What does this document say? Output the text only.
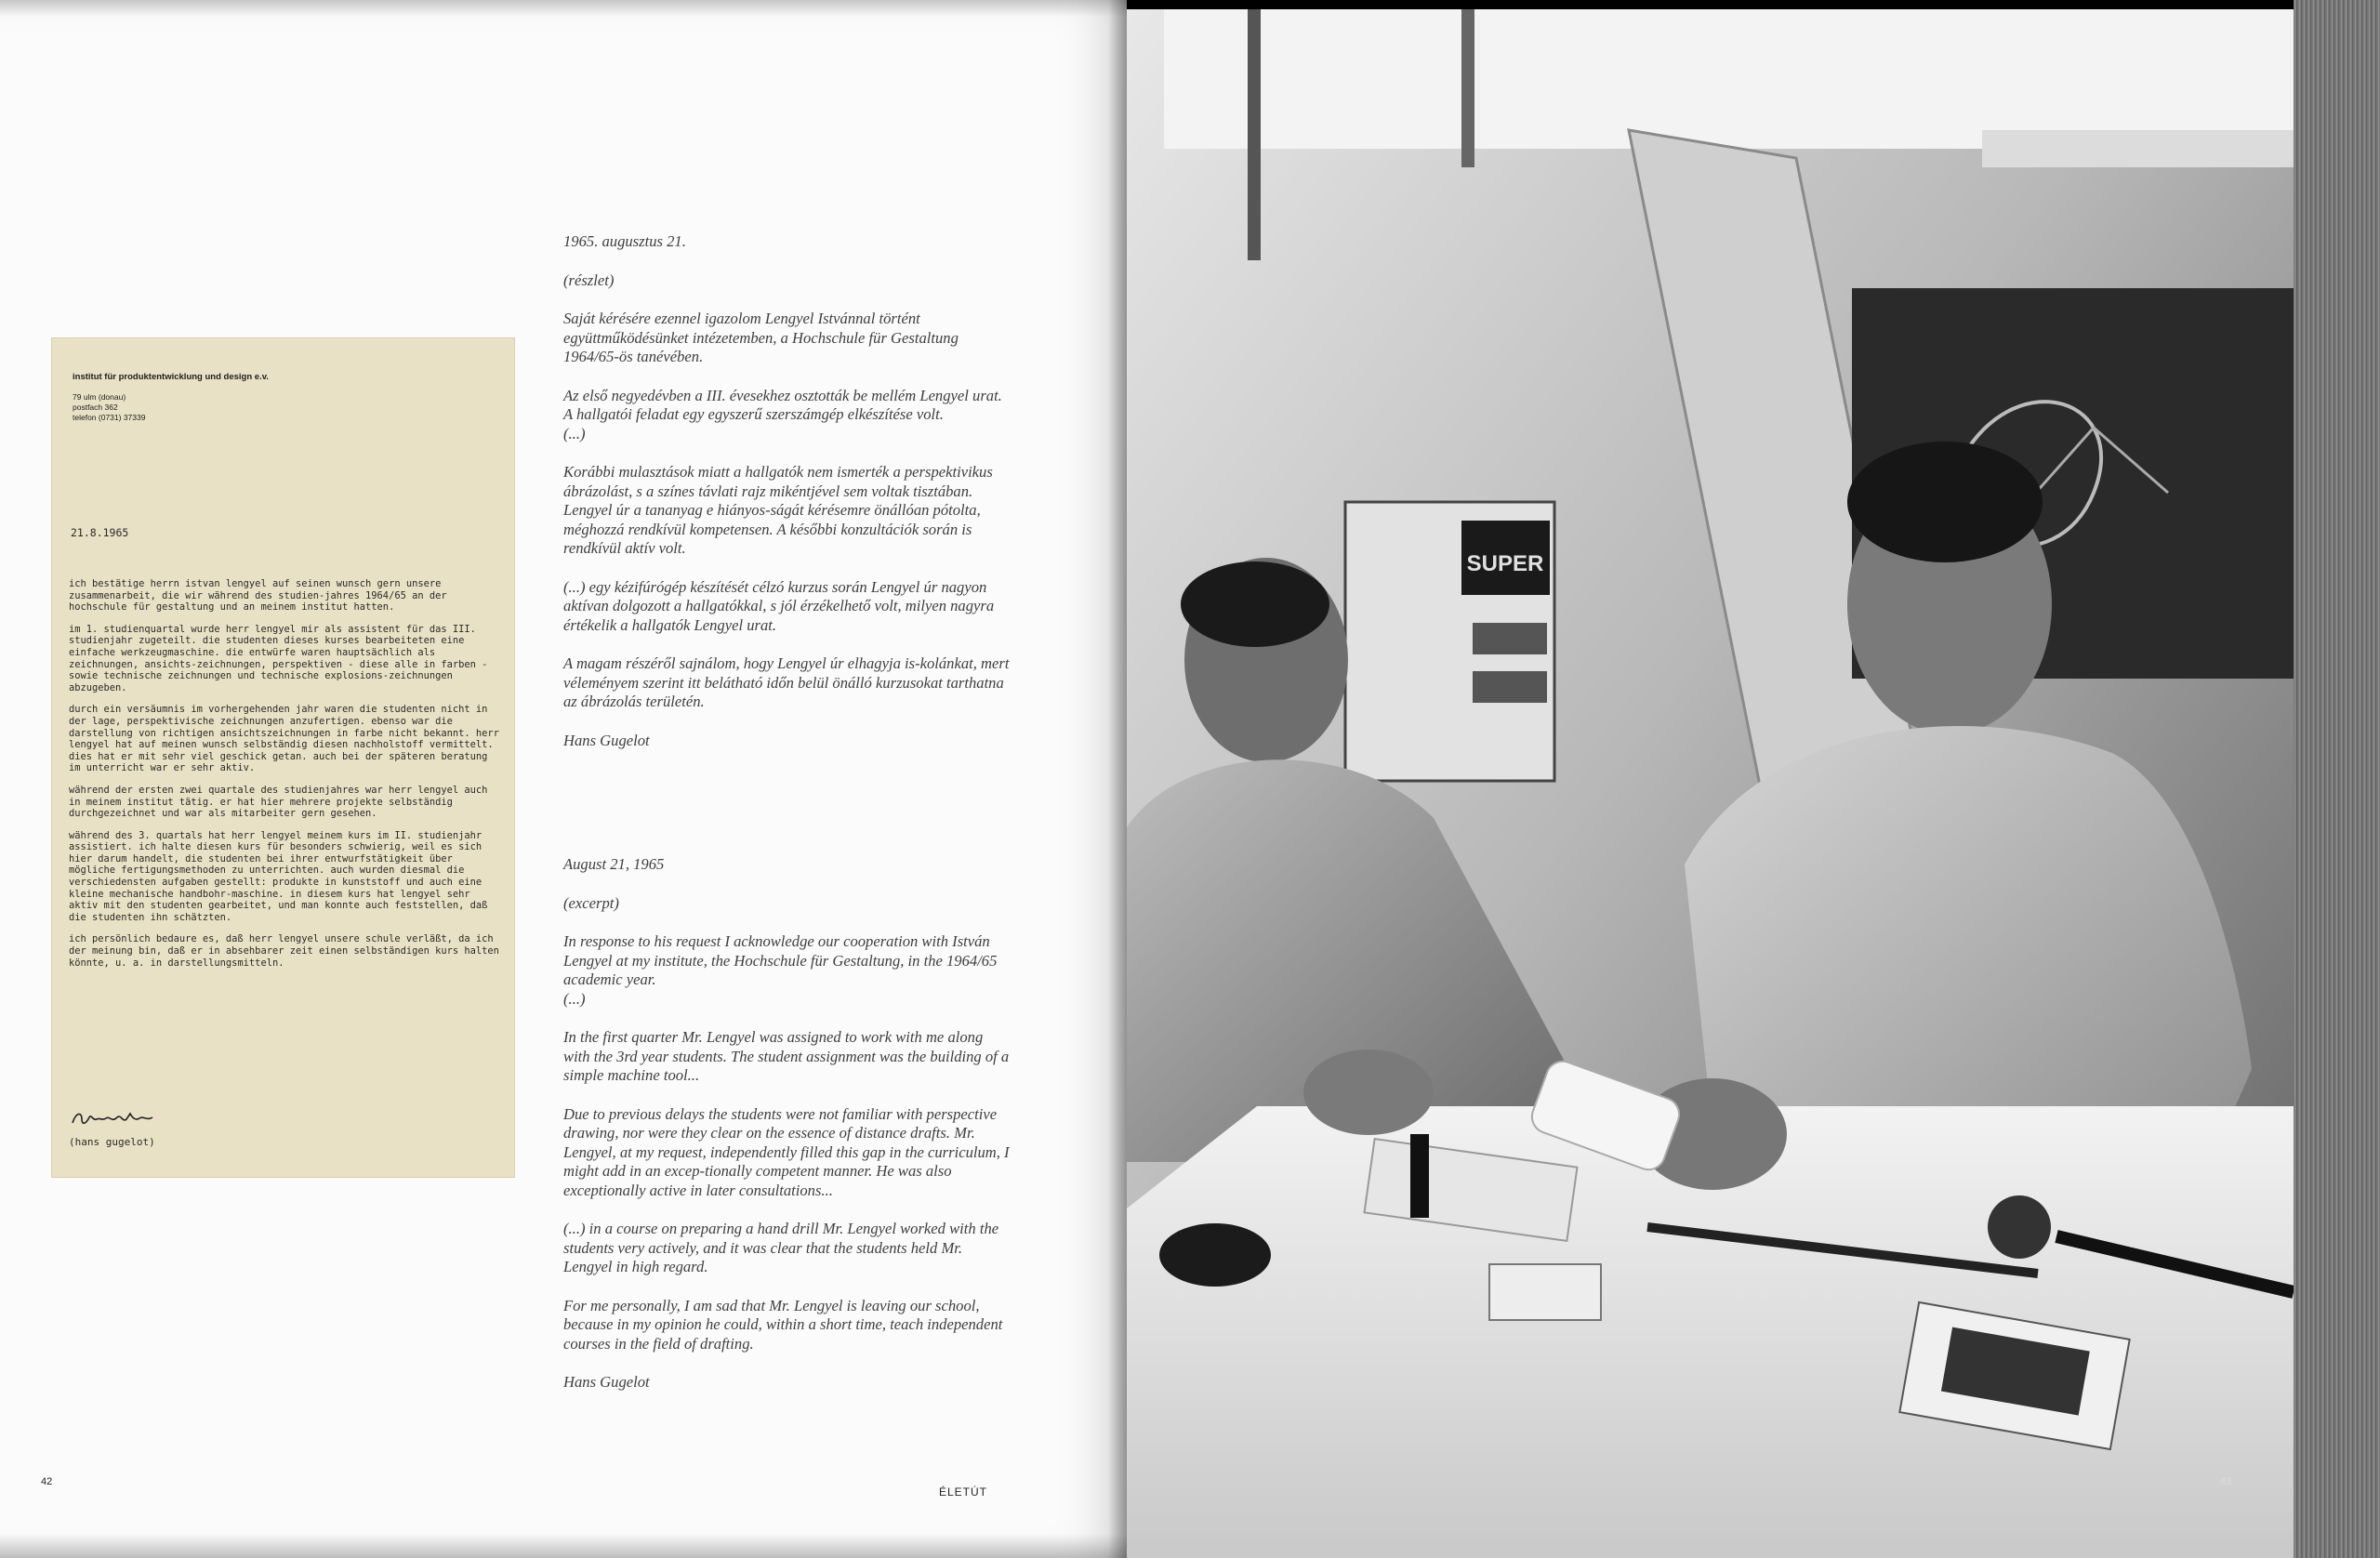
institut für produktentwicklung und design e.v.
79 ulm (donau)
postfach 362
telefon (0731) 37339
21.8.1965

ich bestätige herrn istvan lengyel auf seinen wunsch gern unsere zusammenarbeit, die wir während des studien-jahres 1964/65 an der hochschule für gestaltung und an meinem institut hatten.

im 1. studienquartal wurde herr lengyel mir als assistent für das III. studienjahr zugeteilt. die studenten dieses kurses bearbeiteten eine einfache werkzeugmaschine. die entwürfe waren hauptsächlich als zeichnungen, ansichts-zeichnungen, perspektiven - diese alle in farben - sowie technische zeichnungen und technische explosions-zeichnungen abzugeben.

durch ein versäumnis im vorhergehenden jahr waren die studenten nicht in der lage, perspektivische zeichnungen anzufertigen. ebenso war die darstellung von richtigen ansichtszeichnungen in farbe nicht bekannt. herr lengyel hat auf meinen wunsch selbständig diesen nachholstoff vermittelt. dies hat er mit sehr viel geschick getan. auch bei der späteren beratung im unterricht war er sehr aktiv.

während der ersten zwei quartale des studienjahres war herr lengyel auch in meinem institut tätig. er hat hier mehrere projekte selbständig durchgezeichnet und war als mitarbeiter gern gesehen.

während des 3. quartals hat herr lengyel meinem kurs im II. studienjahr assistiert. ich halte diesen kurs für besonders schwierig, weil es sich hier darum handelt, die studenten bei ihrer entwurfstätigkeit über mögliche fertigungsmethoden zu unterrichten. auch wurden diesmal die verschiedensten aufgaben gestellt: produkte in kunststoff und auch eine kleine mechanische handbohr-maschine. in diesem kurs hat lengyel sehr aktiv mit den studenten gearbeitet, und man konnte auch feststellen, daß die studenten ihn schätzten.

ich persönlich bedaure es, daß herr lengyel unsere schule verläßt, da ich der meinung bin, daß er in absehbarer zeit einen selbständigen kurs halten könnte, u. a. in darstellungsmitteln.

(hans gugelot)

1965. augusztus 21.

(részlet)

Saját kérésére ezennel igazolom Lengyel Istvánnal történt együttműködésünket intézetemben, a Hochschule für Gestaltung 1964/65-ös tanévében.

Az első negyedévben a III. évesekhez osztották be mellém Lengyel urat. A hallgatói feladat egy egyszerű szerszámgép elkészítése volt.
(...)

Korábbi mulasztások miatt a hallgatók nem ismerték a perspektivikus ábrázolást, s a színes távlati rajz mikéntjével sem voltak tisztában. Lengyel úr a tananyag e hiányos-ságát kérésemre önállóan pótolta, méghozzá rendkívül kompetensen. A későbbi konzultációk során is rendkívül aktív volt.

(...) egy kézifúrógép készítését célzó kurzus során Lengyel úr nagyon aktívan dolgozott a hallgatókkal, s jól érzékelhető volt, milyen nagyra értékelik a hallgatók Lengyel urat.

A magam részéről sajnálom, hogy Lengyel úr elhagyja is-kolánkat, mert véleményem szerint itt belátható időn belül önálló kurzusokat tarthatna az ábrázolás területén.

Hans Gugelot

August 21, 1965

(excerpt)

In response to his request I acknowledge our cooperation with István Lengyel at my institute, the Hochschule für Gestaltung, in the 1964/65 academic year.
(...)

In the first quarter Mr. Lengyel was assigned to work with me along with the 3rd year students. The student assignment was the building of a simple machine tool...

Due to previous delays the students were not familiar with perspective drawing, nor were they clear on the essence of distance drafts. Mr. Lengyel, at my request, independently filled this gap in the curriculum, I might add in an excep-tionally competent manner. He was also exceptionally active in later consultations...

(...) in a course on preparing a hand drill Mr. Lengyel worked with the students very actively, and it was clear that the students held Mr. Lengyel in high regard.

For me personally, I am sad that Mr. Lengyel is leaving our school, because in my opinion he could, within a short time, teach independent courses in the field of drafting.

Hans Gugelot

42
ÉLETÚT
SUPER
43
